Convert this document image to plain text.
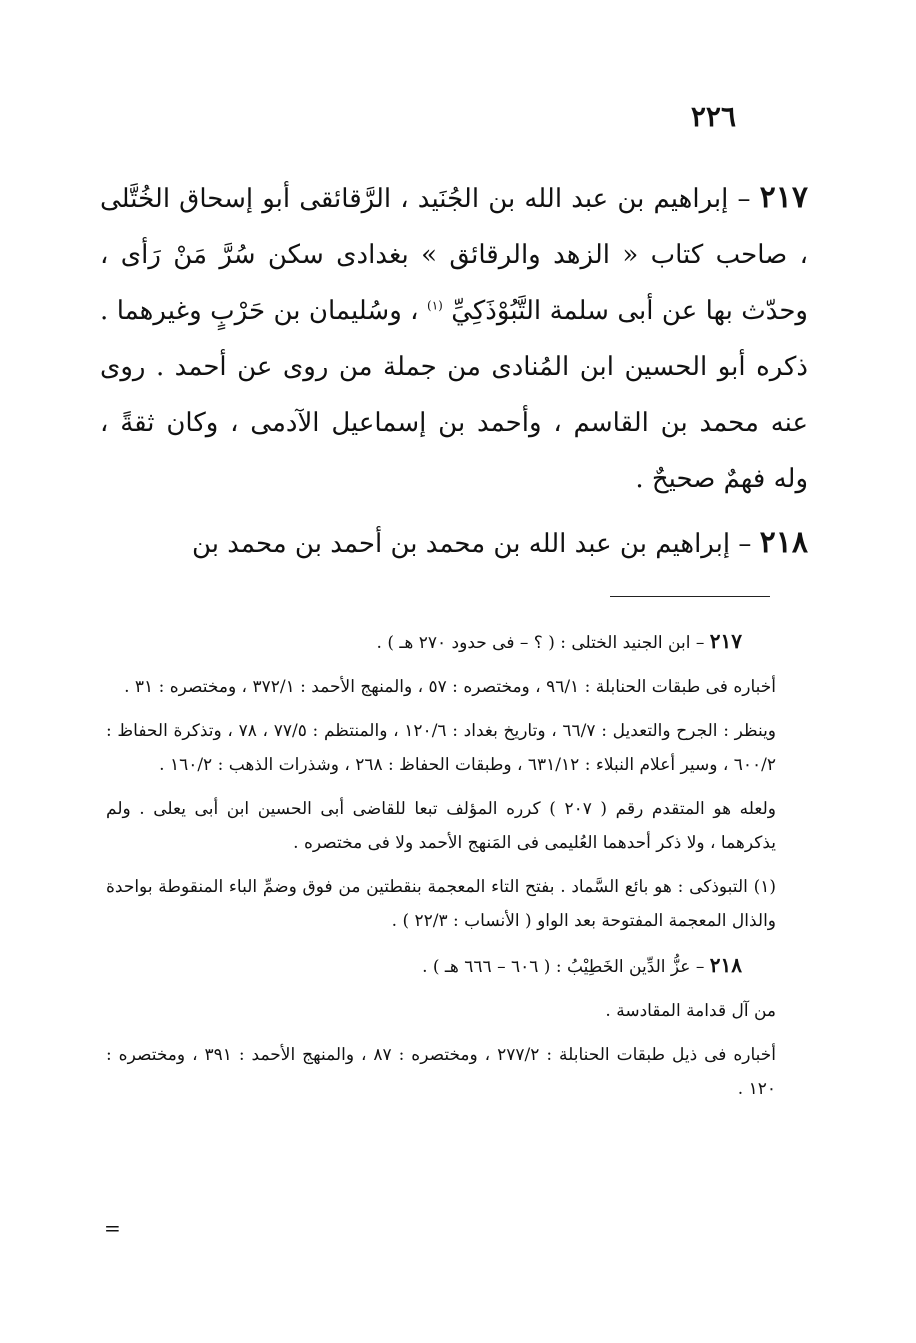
٢٢٦

٢١٧ – إبراهيم بن عبد الله بن الجُنَيد ، الرَّقائقى أبو إسحاق الخُتَّلى ، صاحب كتاب « الزهد والرقائق » بغدادى سكن سُرَّ مَنْ رَأى ، وحدّث بها عن أبى سلمة التَّبُوْذَكِيِّ $^{(١)}$ ، وسُليمان بن حَرْبٍ وغيرهما . ذكره أبو الحسين ابن المُنادى من جملة من روى عن أحمد . روى عنه محمد بن القاسم ، وأحمد بن إسماعيل الآدمى ، وكان ثقةً ، وله فهمٌ صحيحٌ .

٢١٨ – إبراهيم بن عبد الله بن محمد بن أحمد بن محمد بن

٢١٧ – ابن الجنيد الختلى : ( ؟ – فى حدود ٢٧٠ هـ ) .

أخباره فى طبقات الحنابلة : ٩٦/١ ، ومختصره : ٥٧ ، والمنهج الأحمد : ٣٧٢/١ ، ومختصره : ٣١ .

وينظر : الجرح والتعديل : ٦٦/٧ ، وتاريخ بغداد : ١٢٠/٦ ، والمنتظم : ٧٧/٥ ، ٧٨ ، وتذكرة الحفاظ : ٦٠٠/٢ ، وسير أعلام النبلاء : ٦٣١/١٢ ، وطبقات الحفاظ : ٢٦٨ ، وشذرات الذهب : ١٦٠/٢ .

ولعله هو المتقدم رقم ( ٢٠٧ ) كرره المؤلف تبعا للقاضى أبى الحسين ابن أبى يعلى . ولم يذكرهما ، ولا ذكر أحدهما العُليمى فى المَنهج الأحمد ولا فى مختصره .

(١) التبوذكى : هو بائع السَّماد . بفتح التاء المعجمة بنقطتين من فوق وضمِّ الباء المنقوطة بواحدة والذال المعجمة المفتوحة بعد الواو ( الأنساب : ٢٢/٣ ) .

٢١٨ – عزُّ الدِّين الخَطِيْبُ : ( ٦٠٦ – ٦٦٦ هـ ) .

من آل قدامة المقادسة .

أخباره فى ذيل طبقات الحنابلة : ٢٧٧/٢ ، ومختصره : ٨٧ ، والمنهج الأحمد : ٣٩١ ، ومختصره : ١٢٠ .

=
